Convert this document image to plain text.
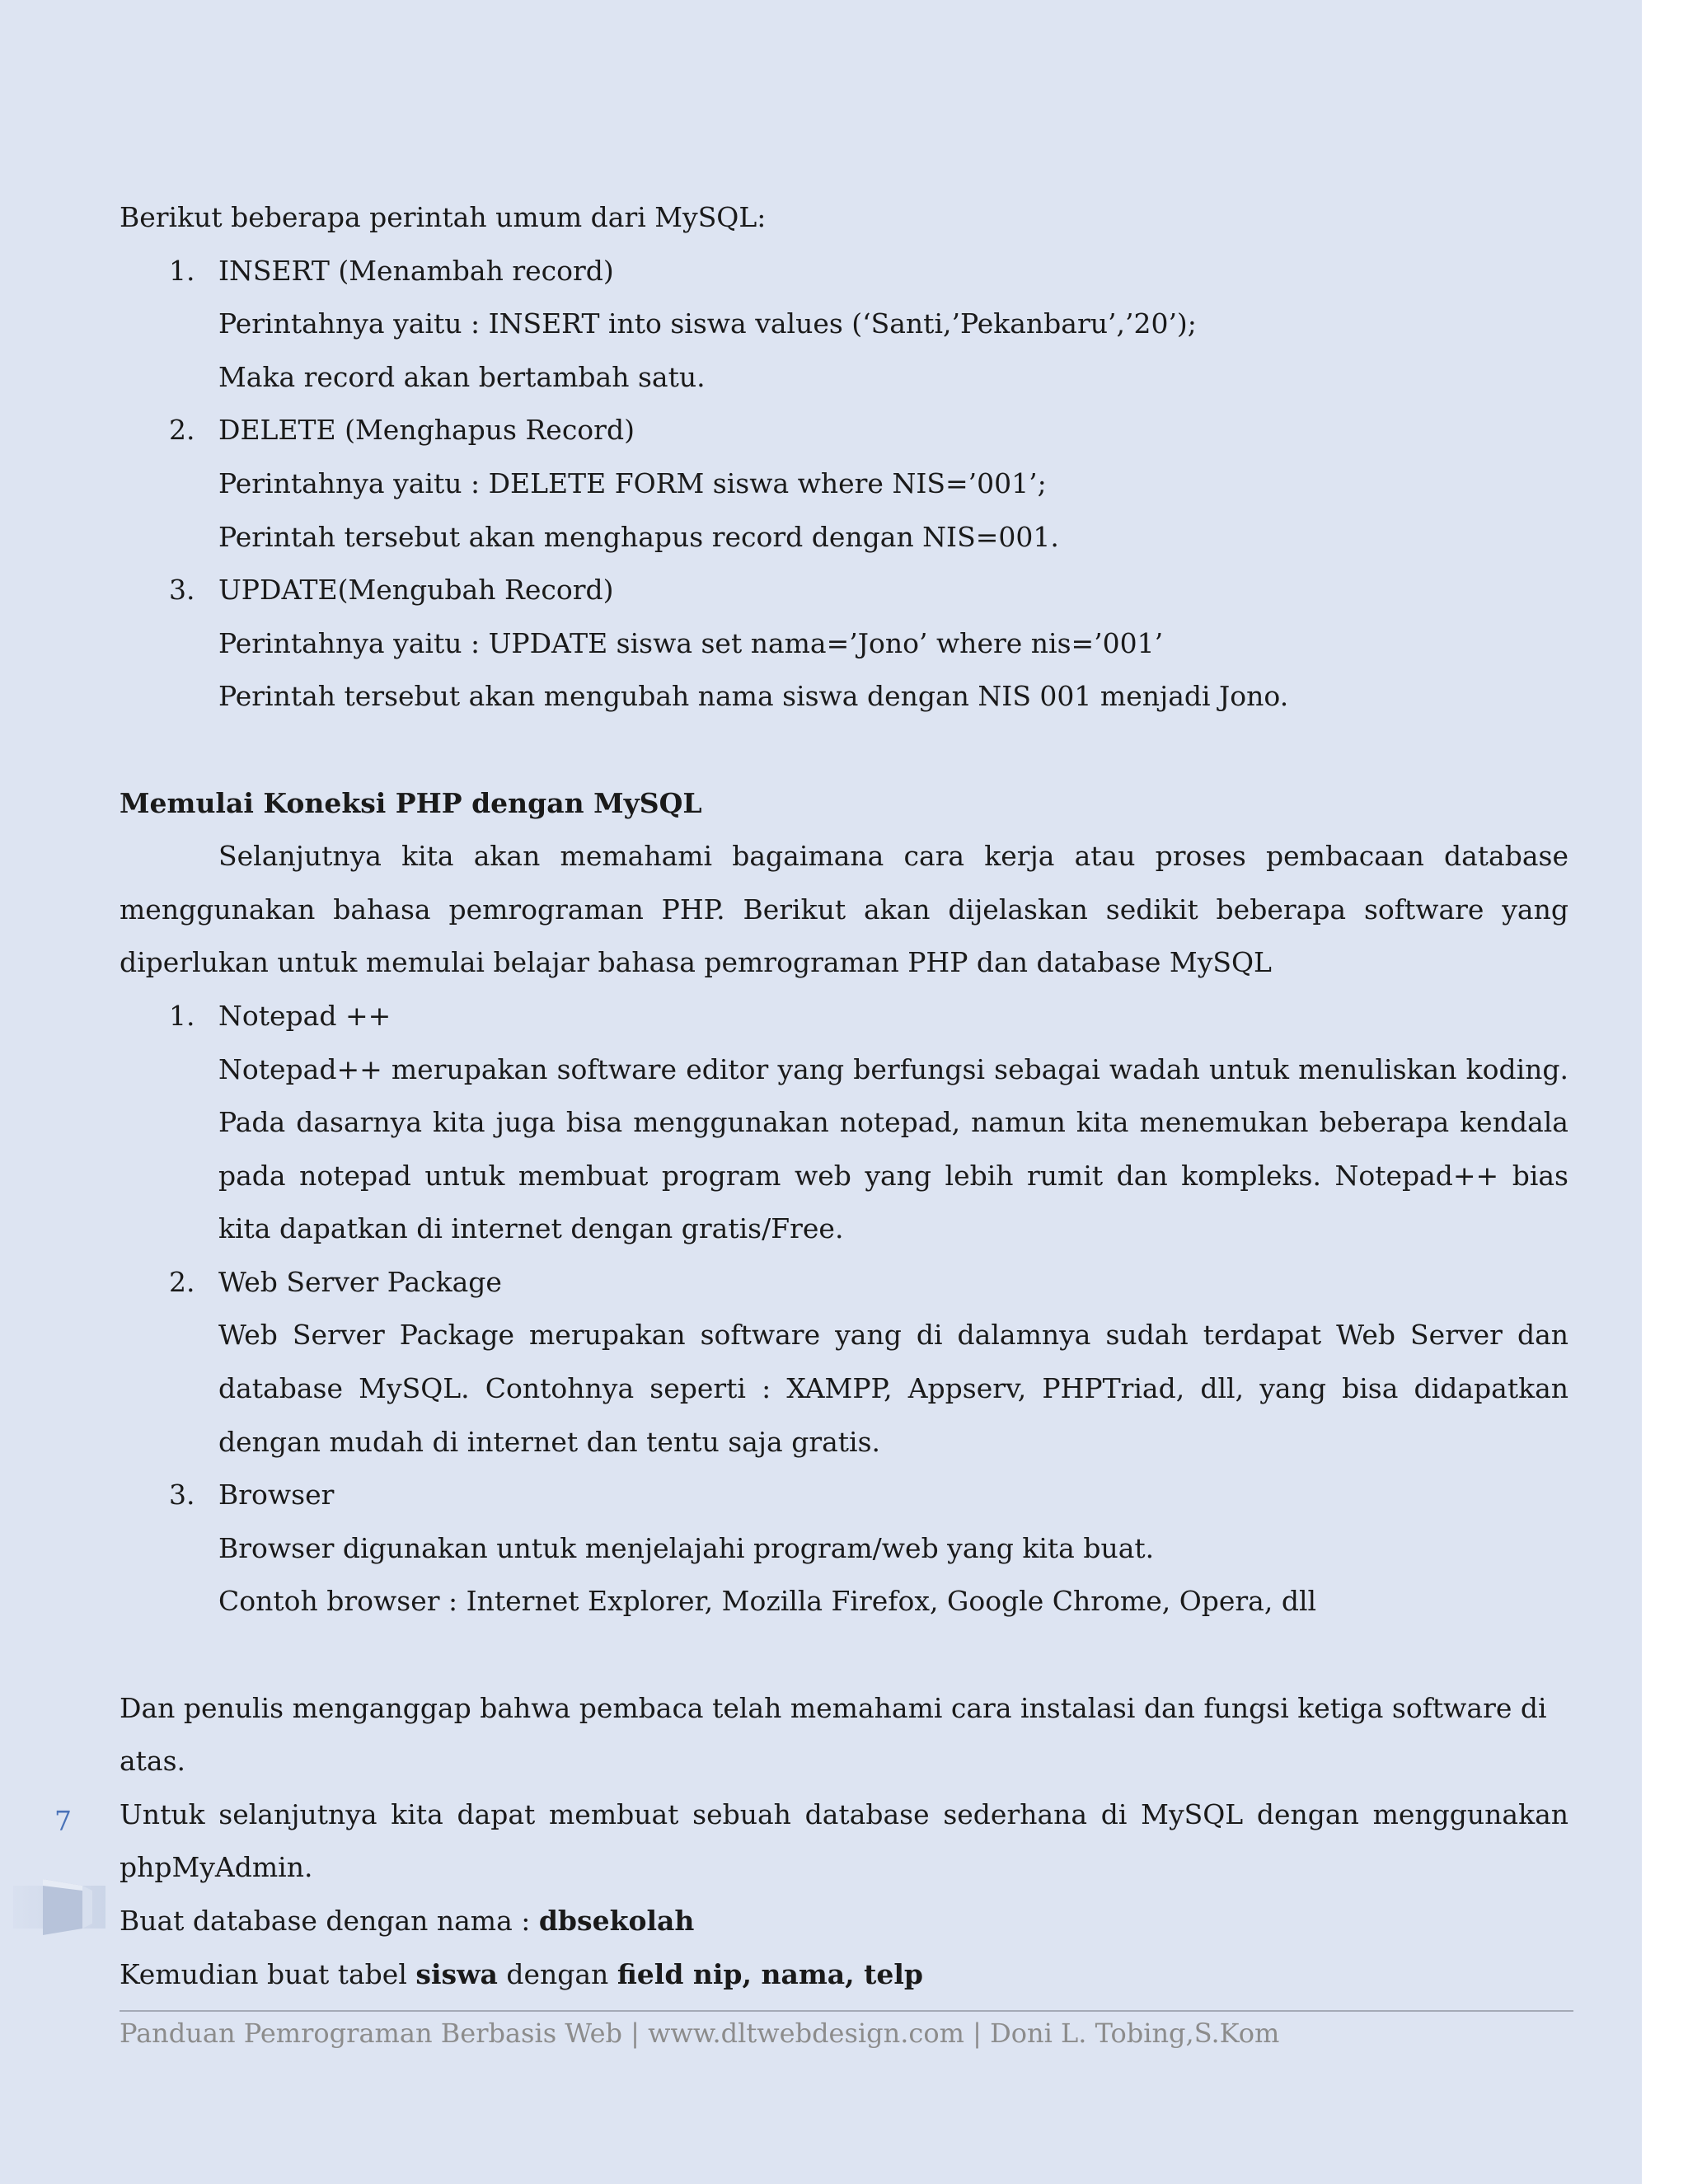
Berikut beberapa perintah umum dari MySQL:

1. INSERT (Menambah record)

Perintahnya yaitu : INSERT into siswa values (‘Santi,’Pekanbaru’,’20’);

Maka record akan bertambah satu.

2. DELETE (Menghapus Record)

Perintahnya yaitu : DELETE FORM siswa where NIS=’001’;

Perintah tersebut akan menghapus record dengan NIS=001.

3. UPDATE(Mengubah Record)

Perintahnya yaitu : UPDATE siswa set nama=’Jono’ where nis=’001’

Perintah tersebut akan mengubah nama siswa dengan NIS 001 menjadi Jono.

Memulai Koneksi PHP dengan MySQL

Selanjutnya kita akan memahami bagaimana cara kerja atau proses pembacaan database menggunakan bahasa pemrograman PHP. Berikut akan dijelaskan sedikit beberapa software yang diperlukan untuk memulai belajar bahasa pemrograman PHP dan database MySQL

1. Notepad ++

Notepad++ merupakan software editor yang berfungsi sebagai wadah untuk menuliskan koding. Pada dasarnya kita juga bisa menggunakan notepad, namun kita menemukan beberapa kendala pada notepad untuk membuat program web yang lebih rumit dan kompleks. Notepad++ bias kita dapatkan di internet dengan gratis/Free.

2. Web Server Package

Web Server Package merupakan software yang di dalamnya sudah terdapat Web Server dan database MySQL. Contohnya seperti : XAMPP, Appserv, PHPTriad, dll, yang bisa didapatkan dengan mudah di internet dan tentu saja gratis.

3. Browser

Browser digunakan untuk menjelajahi program/web yang kita buat.

Contoh browser : Internet Explorer, Mozilla Firefox, Google Chrome, Opera, dll

Dan penulis menganggap bahwa pembaca telah memahami cara instalasi dan fungsi ketiga software di atas.

Untuk selanjutnya kita dapat membuat sebuah database sederhana di MySQL dengan menggunakan phpMyAdmin.

Buat database dengan nama : dbsekolah

Kemudian buat tabel siswa dengan field nip, nama, telp

7
Panduan Pemrograman Berbasis Web | www.dltwebdesign.com | Doni L. Tobing,S.Kom
